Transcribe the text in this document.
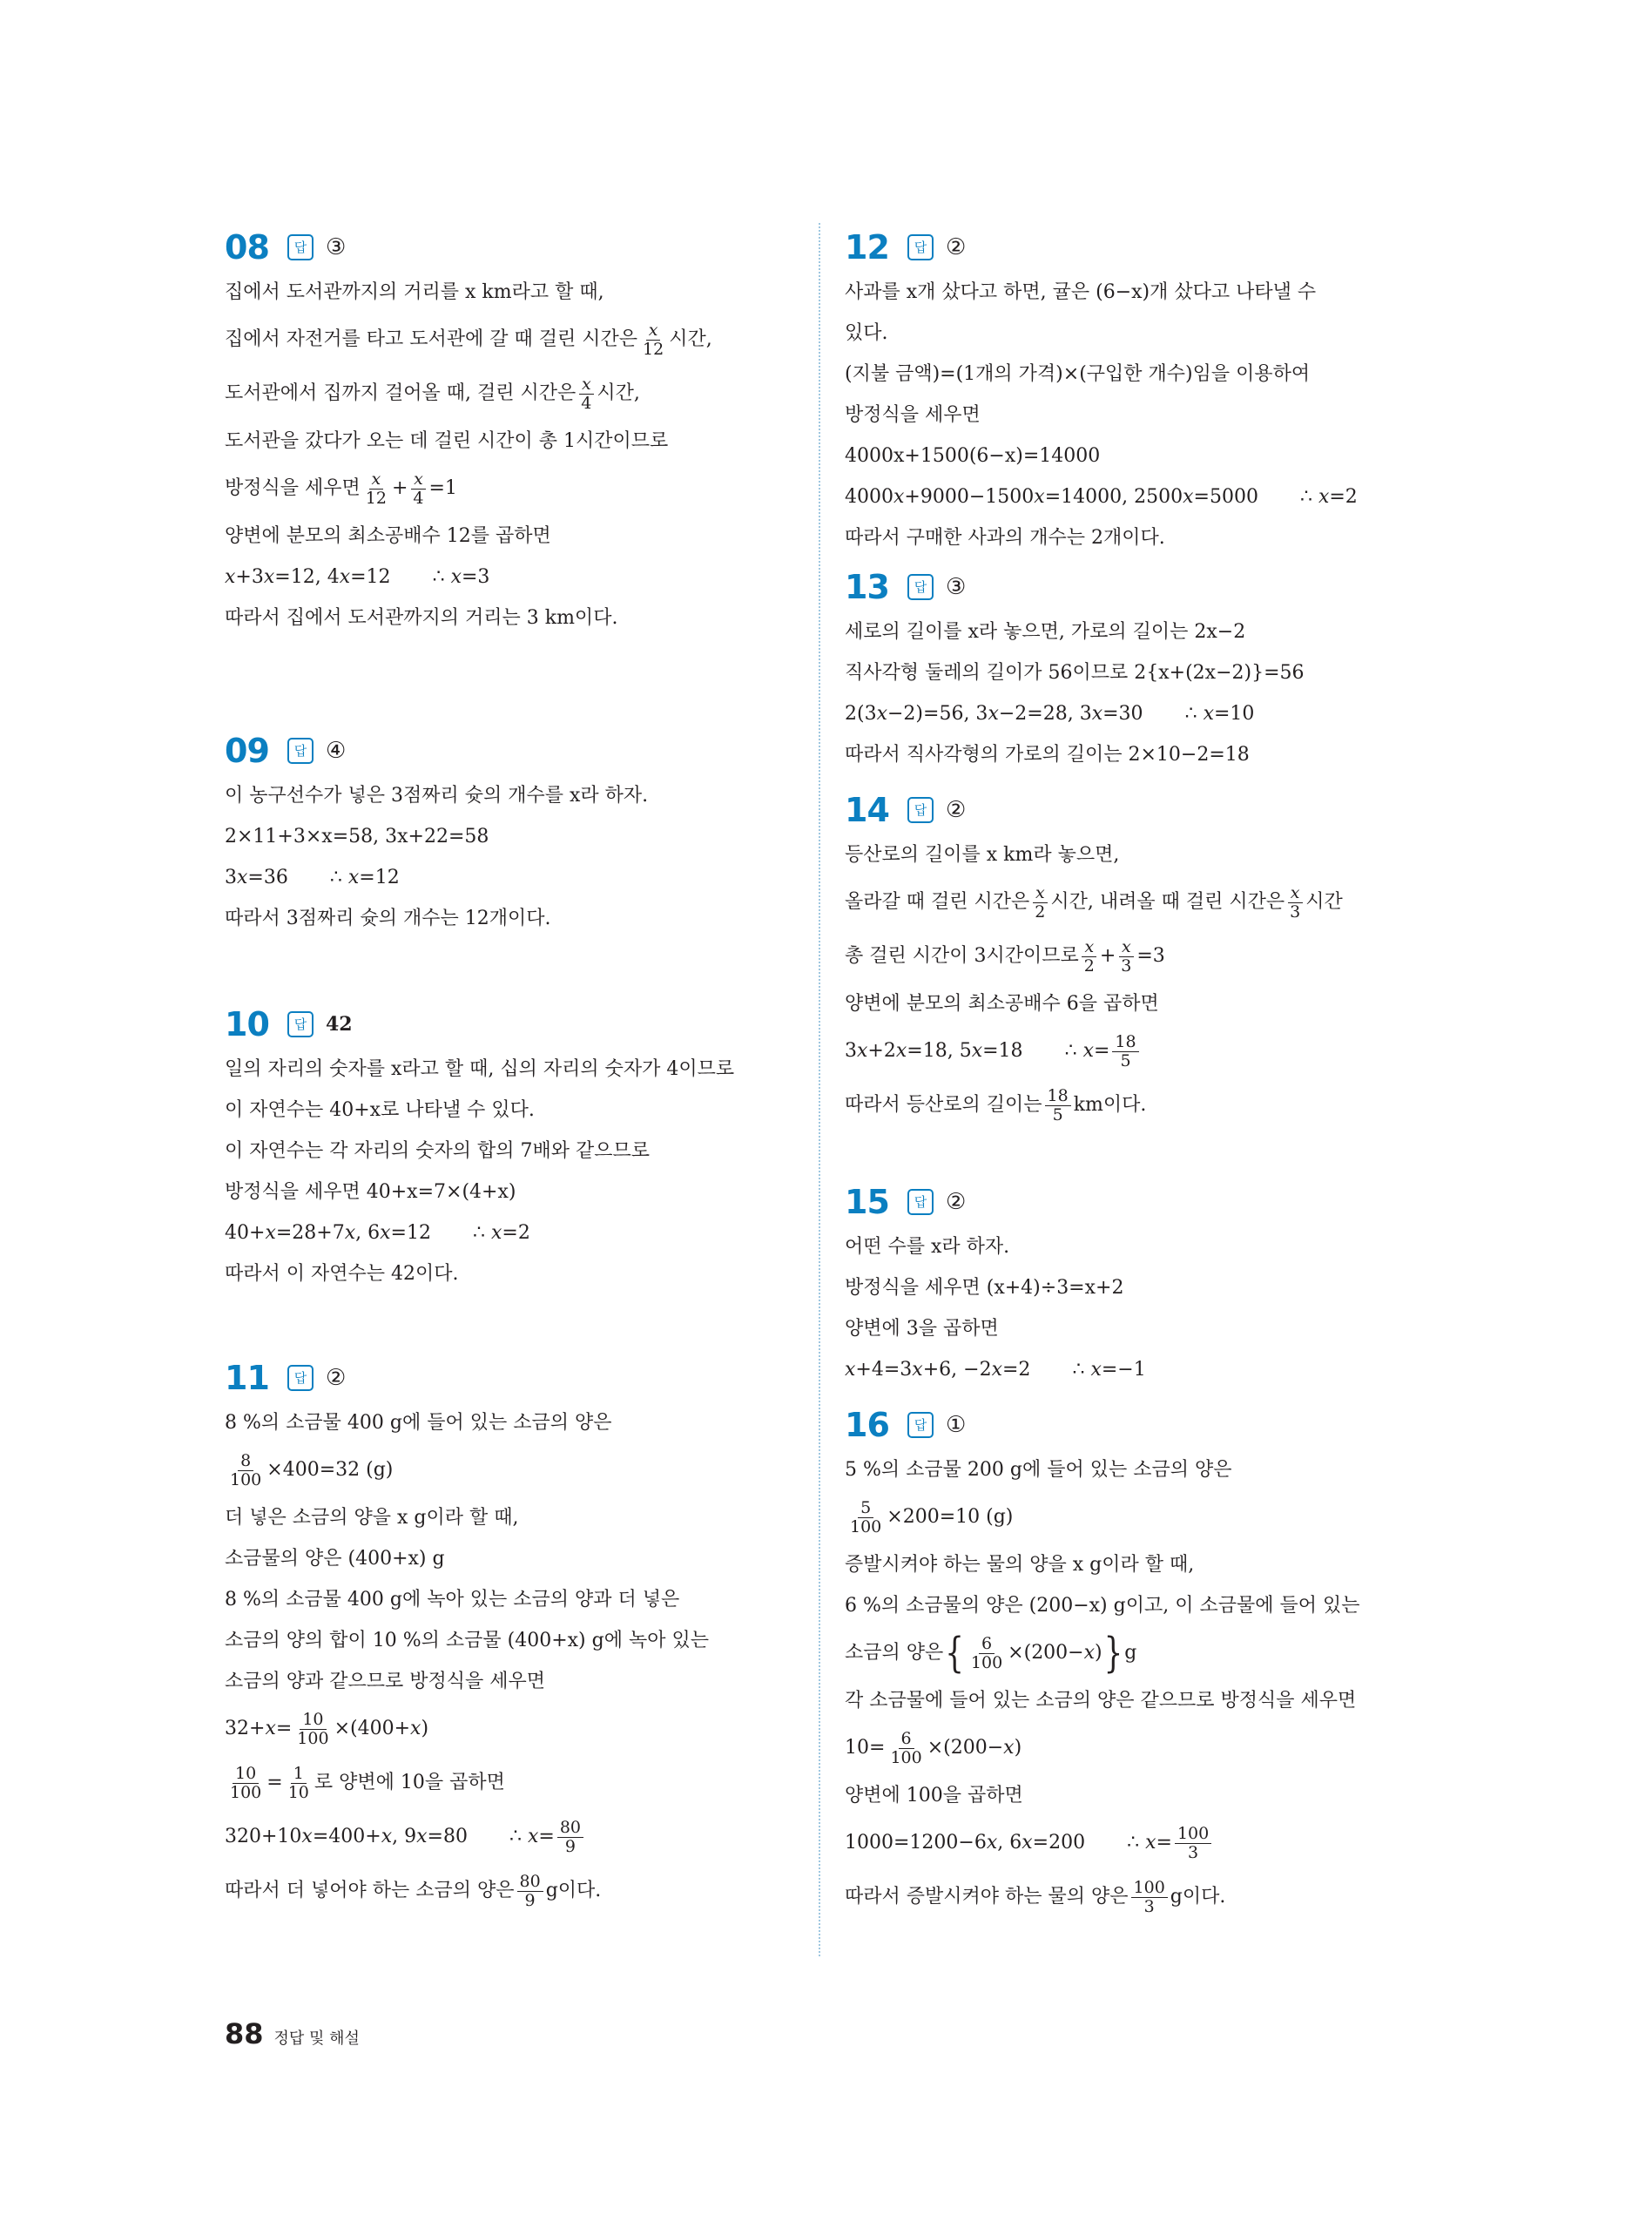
08	답 ③
집에서 도서관까지의 거리를 x km라고 할 때,
집에서 자전거를 타고 도서관에 갈 때 걸린 시간은 $\frac{x}{12}$ 시간,
도서관에서 집까지 걸어올 때, 걸린 시간은 $\frac{x}{4}$ 시간,
도서관을 갔다가 오는 데 걸린 시간이 총 1시간이므로
방정식을 세우면 $\frac{x}{12} + \frac{x}{4} =1$
양변에 분모의 최소공배수 12를 곱하면
x+3x=12, 4x=12 ∴ x=3
따라서 집에서 도서관까지의 거리는 3 km이다.
09	답 ④
이 농구선수가 넣은 3점짜리 슛의 개수를 x라 하자.
2×11+3×x=58, 3x+22=58
3x=36 ∴ x=12
따라서 3점짜리 슛의 개수는 12개이다.
10	답 42
일의 자리의 숫자를 x라고 할 때, 십의 자리의 숫자가 4이므로
이 자연수는 40+x로 나타낼 수 있다.
이 자연수는 각 자리의 숫자의 합의 7배와 같으므로
방정식을 세우면 40+x=7×(4+x)
40+x=28+7x, 6x=12 ∴ x=2
따라서 이 자연수는 42이다.
11	답 ②
8 %의 소금물 400 g에 들어 있는 소금의 양은
$\frac{8}{100} \times 400=32$ (g)
더 넣은 소금의 양을 x g이라 할 때,
소금물의 양은 (400+x) g
8 %의 소금물 400 g에 녹아 있는 소금의 양과 더 넣은
소금의 양의 합이 10 %의 소금물 (400+x) g에 녹아 있는
소금의 양과 같으므로 방정식을 세우면
$32+x= \frac{10}{100} \times(400+x)$
$\frac{10}{100} = \frac{1}{10}$ 로 양변에 10을 곱하면
320+10x=400+x, 9x=80 ∴ $x= \frac{80}{9}$
따라서 더 넣어야 하는 소금의 양은 $\frac{80}{9}$ g이다.
12	답 ②
사과를 x개 샀다고 하면, 귤은 (6−x)개 샀다고 나타낼 수
있다.
(지불 금액)=(1개의 가격)×(구입한 개수)임을 이용하여
방정식을 세우면
4000x+1500(6−x)=14000
4000x+9000−1500x=14000, 2500x=5000 ∴ x=2
따라서 구매한 사과의 개수는 2개이다.
13	답 ③
세로의 길이를 x라 놓으면, 가로의 길이는 2x−2
직사각형 둘레의 길이가 56이므로 2{x+(2x−2)}=56
2(3x−2)=56, 3x−2=28, 3x=30 ∴ x=10
따라서 직사각형의 가로의 길이는 2×10−2=18
14	답 ②
등산로의 길이를 x km라 놓으면,
올라갈 때 걸린 시간은 $\frac{x}{2}$ 시간, 내려올 때 걸린 시간은 $\frac{x}{3}$ 시간
총 걸린 시간이 3시간이므로 $\frac{x}{2} + \frac{x}{3} =3$
양변에 분모의 최소공배수 6을 곱하면
3x+2x=18, 5x=18 ∴ $x= \frac{18}{5}$
따라서 등산로의 길이는 $\frac{18}{5}$ km이다.
15	답 ②
어떤 수를 x라 하자.
방정식을 세우면 (x+4)÷3=x+2
양변에 3을 곱하면
x+4=3x+6, −2x=2 ∴ x=−1
16	답 ①
5 %의 소금물 200 g에 들어 있는 소금의 양은
$\frac{5}{100} \times 200=10$ (g)
증발시켜야 하는 물의 양을 x g이라 할 때,
6 %의 소금물의 양은 (200−x) g이고, 이 소금물에 들어 있는
소금의 양은 { $\frac{6}{100} \times(200-x)$ } g
각 소금물에 들어 있는 소금의 양은 같으므로 방정식을 세우면
$10= \frac{6}{100} \times(200-x)$
양변에 100을 곱하면
1000=1200−6x, 6x=200 ∴ $x= \frac{100}{3}$
따라서 증발시켜야 하는 물의 양은 $\frac{100}{3}$ g이다.
88 정답 및 해설
